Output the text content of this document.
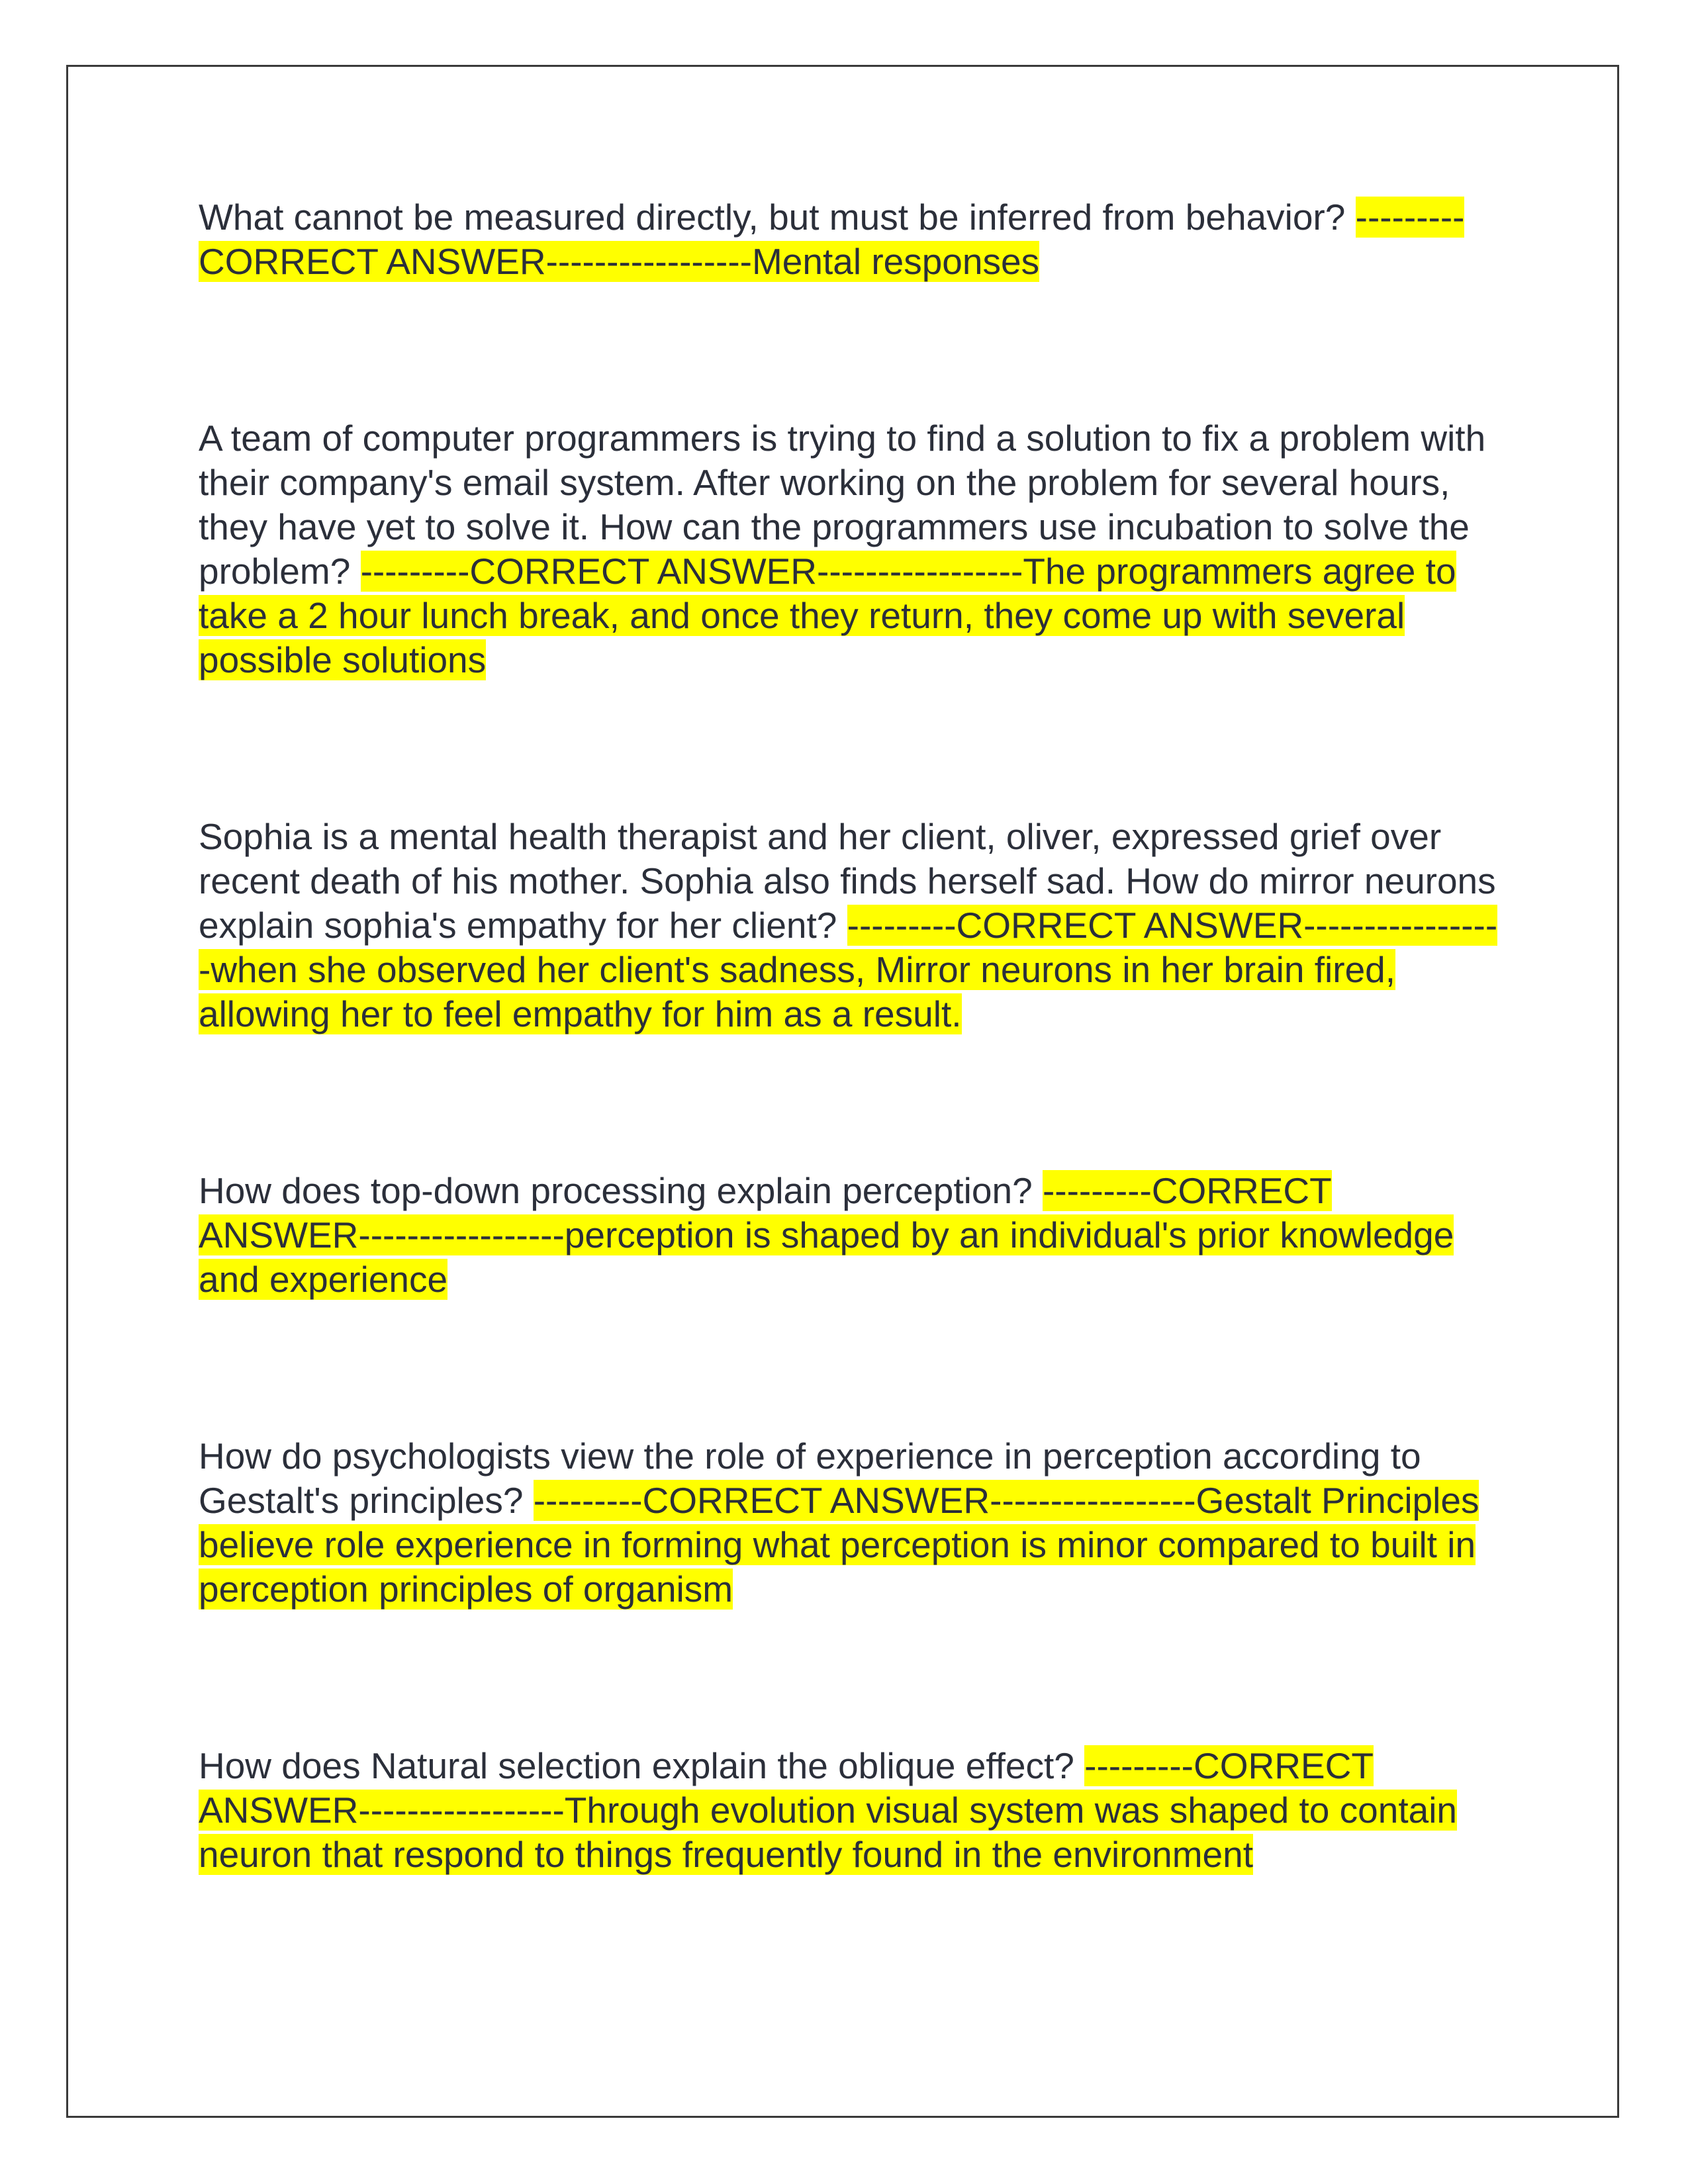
What cannot be measured directly, but must be inferred from behavior? ---------CORRECT ANSWER-----------------Mental responses

A team of computer programmers is trying to find a solution to fix a problem with their company's email system. After working on the problem for several hours, they have yet to solve it. How can the programmers use incubation to solve the problem? ---------CORRECT ANSWER-----------------The programmers agree to take a 2 hour lunch break, and once they return, they come up with several possible solutions

Sophia is a mental health therapist and her client, oliver, expressed grief over recent death of his mother. Sophia also finds herself sad. How do mirror neurons explain sophia's empathy for her client? ---------CORRECT ANSWER-----------------when she observed her client's sadness, Mirror neurons in her brain fired, allowing her to feel empathy for him as a result.

How does top-down processing explain perception? ---------CORRECT ANSWER-----------------perception is shaped by an individual's prior knowledge and experience

How do psychologists view the role of experience in perception according to Gestalt's principles? ---------CORRECT ANSWER-----------------Gestalt Principles believe role experience in forming what perception is minor compared to built in perception principles of organism

How does Natural selection explain the oblique effect? ---------CORRECT ANSWER-----------------Through evolution visual system was shaped to contain neuron that respond to things frequently found in the environment
